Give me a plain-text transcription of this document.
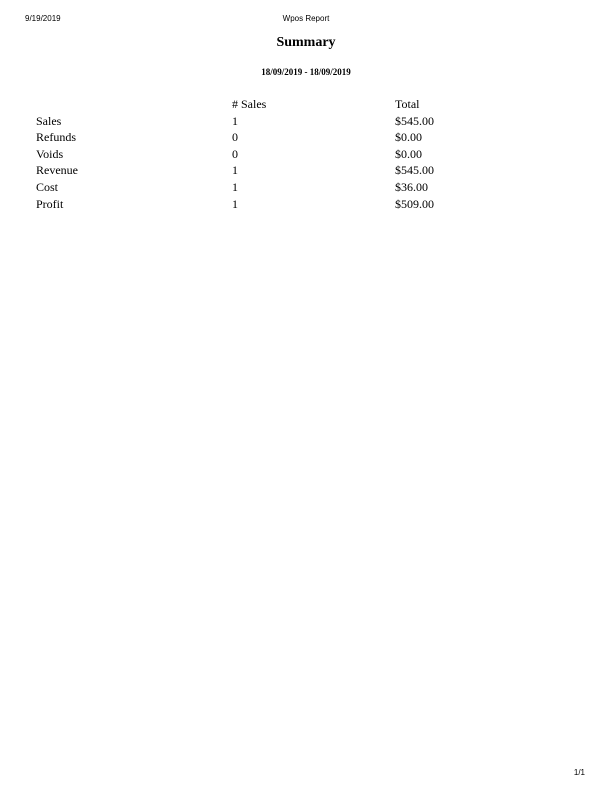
9/19/2019	Wpos Report
Summary
18/09/2019 - 18/09/2019
	# Sales	Total
Sales	1	$545.00
Refunds	0	$0.00
Voids	0	$0.00
Revenue	1	$545.00
Cost	1	$36.00
Profit	1	$509.00
1/1
